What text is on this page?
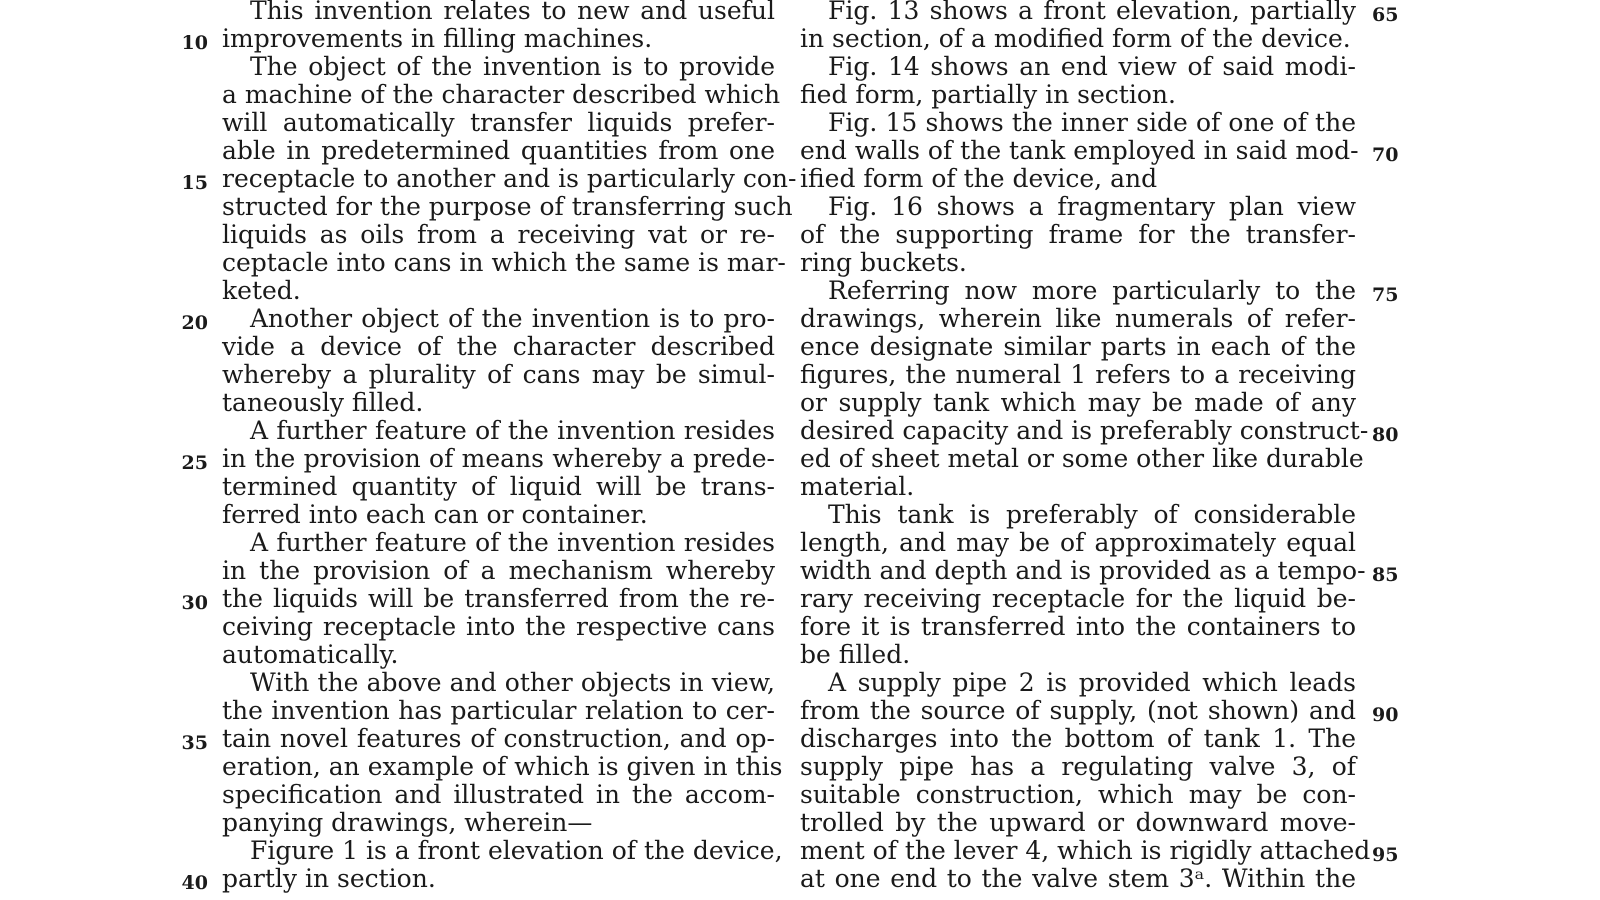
This invention relates to new and useful
improvements in filling machines.
The object of the invention is to provide
a machine of the character described which
will automatically transfer liquids prefer-
able in predetermined quantities from one
receptacle to another and is particularly con-
structed for the purpose of transferring such
liquids as oils from a receiving vat or re-
ceptacle into cans in which the same is mar-
keted.
Another object of the invention is to pro-
vide a device of the character described
whereby a plurality of cans may be simul-
taneously filled.
A further feature of the invention resides
in the provision of means whereby a prede-
termined quantity of liquid will be trans-
ferred into each can or container.
A further feature of the invention resides
in the provision of a mechanism whereby
the liquids will be transferred from the re-
ceiving receptacle into the respective cans
automatically.
With the above and other objects in view,
the invention has particular relation to cer-
tain novel features of construction, and op-
eration, an example of which is given in this
specification and illustrated in the accom-
panying drawings, wherein—
Figure 1 is a front elevation of the device,
partly in section.
Fig. 13 shows a front elevation, partially
in section, of a modified form of the device.
Fig. 14 shows an end view of said modi-
fied form, partially in section.
Fig. 15 shows the inner side of one of the
end walls of the tank employed in said mod-
ified form of the device, and
Fig. 16 shows a fragmentary plan view
of the supporting frame for the transfer-
ring buckets.
Referring now more particularly to the
drawings, wherein like numerals of refer-
ence designate similar parts in each of the
figures, the numeral 1 refers to a receiving
or supply tank which may be made of any
desired capacity and is preferably construct-
ed of sheet metal or some other like durable
material.
This tank is preferably of considerable
length, and may be of approximately equal
width and depth and is provided as a tempo-
rary receiving receptacle for the liquid be-
fore it is transferred into the containers to
be filled.
A supply pipe 2 is provided which leads
from the source of supply, (not shown) and
discharges into the bottom of tank 1. The
supply pipe has a regulating valve 3, of
suitable construction, which may be con-
trolled by the upward or downward move-
ment of the lever 4, which is rigidly attached
at one end to the valve stem 3ᵃ. Within the
10
15
20
25
30
35
40
65
70
75
80
85
90
95
